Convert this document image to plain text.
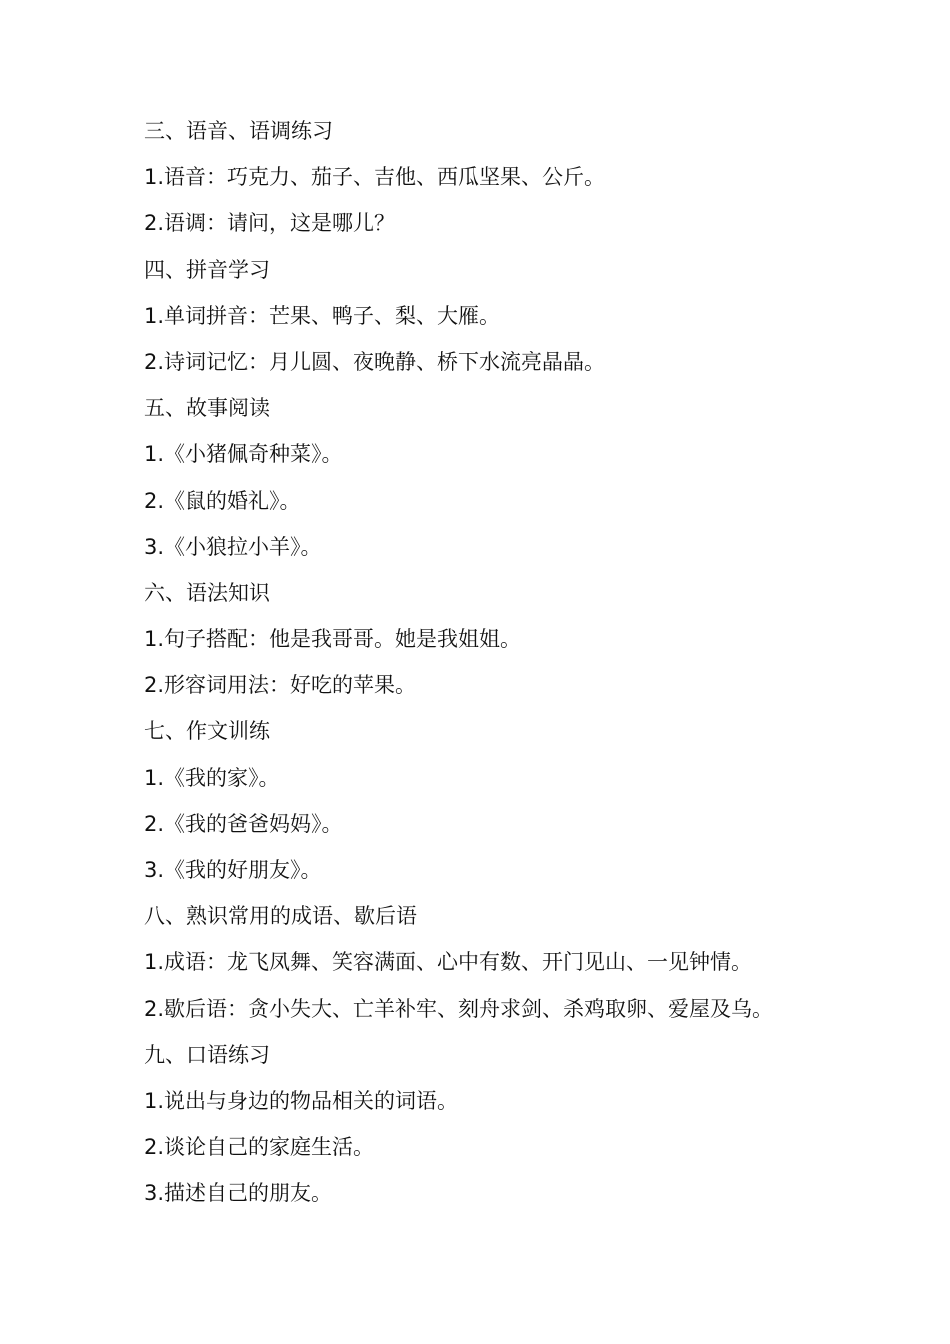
三、语音、语调练习
1.语音：巧克力、茄子、吉他、西瓜坚果、公斤。
2.语调：请问，这是哪儿？
四、拼音学习
1.单词拼音：芒果、鸭子、梨、大雁。
2.诗词记忆：月儿圆、夜晚静、桥下水流亮晶晶。
五、故事阅读
1.《小猪佩奇种菜》。
2.《鼠的婚礼》。
3.《小狼拉小羊》。
六、语法知识
1.句子搭配：他是我哥哥。她是我姐姐。
2.形容词用法：好吃的苹果。
七、作文训练
1.《我的家》。
2.《我的爸爸妈妈》。
3.《我的好朋友》。
八、熟识常用的成语、歇后语
1.成语：龙飞凤舞、笑容满面、心中有数、开门见山、一见钟情。
2.歇后语：贪小失大、亡羊补牢、刻舟求剑、杀鸡取卵、爱屋及乌。
九、口语练习
1.说出与身边的物品相关的词语。
2.谈论自己的家庭生活。
3.描述自己的朋友。
